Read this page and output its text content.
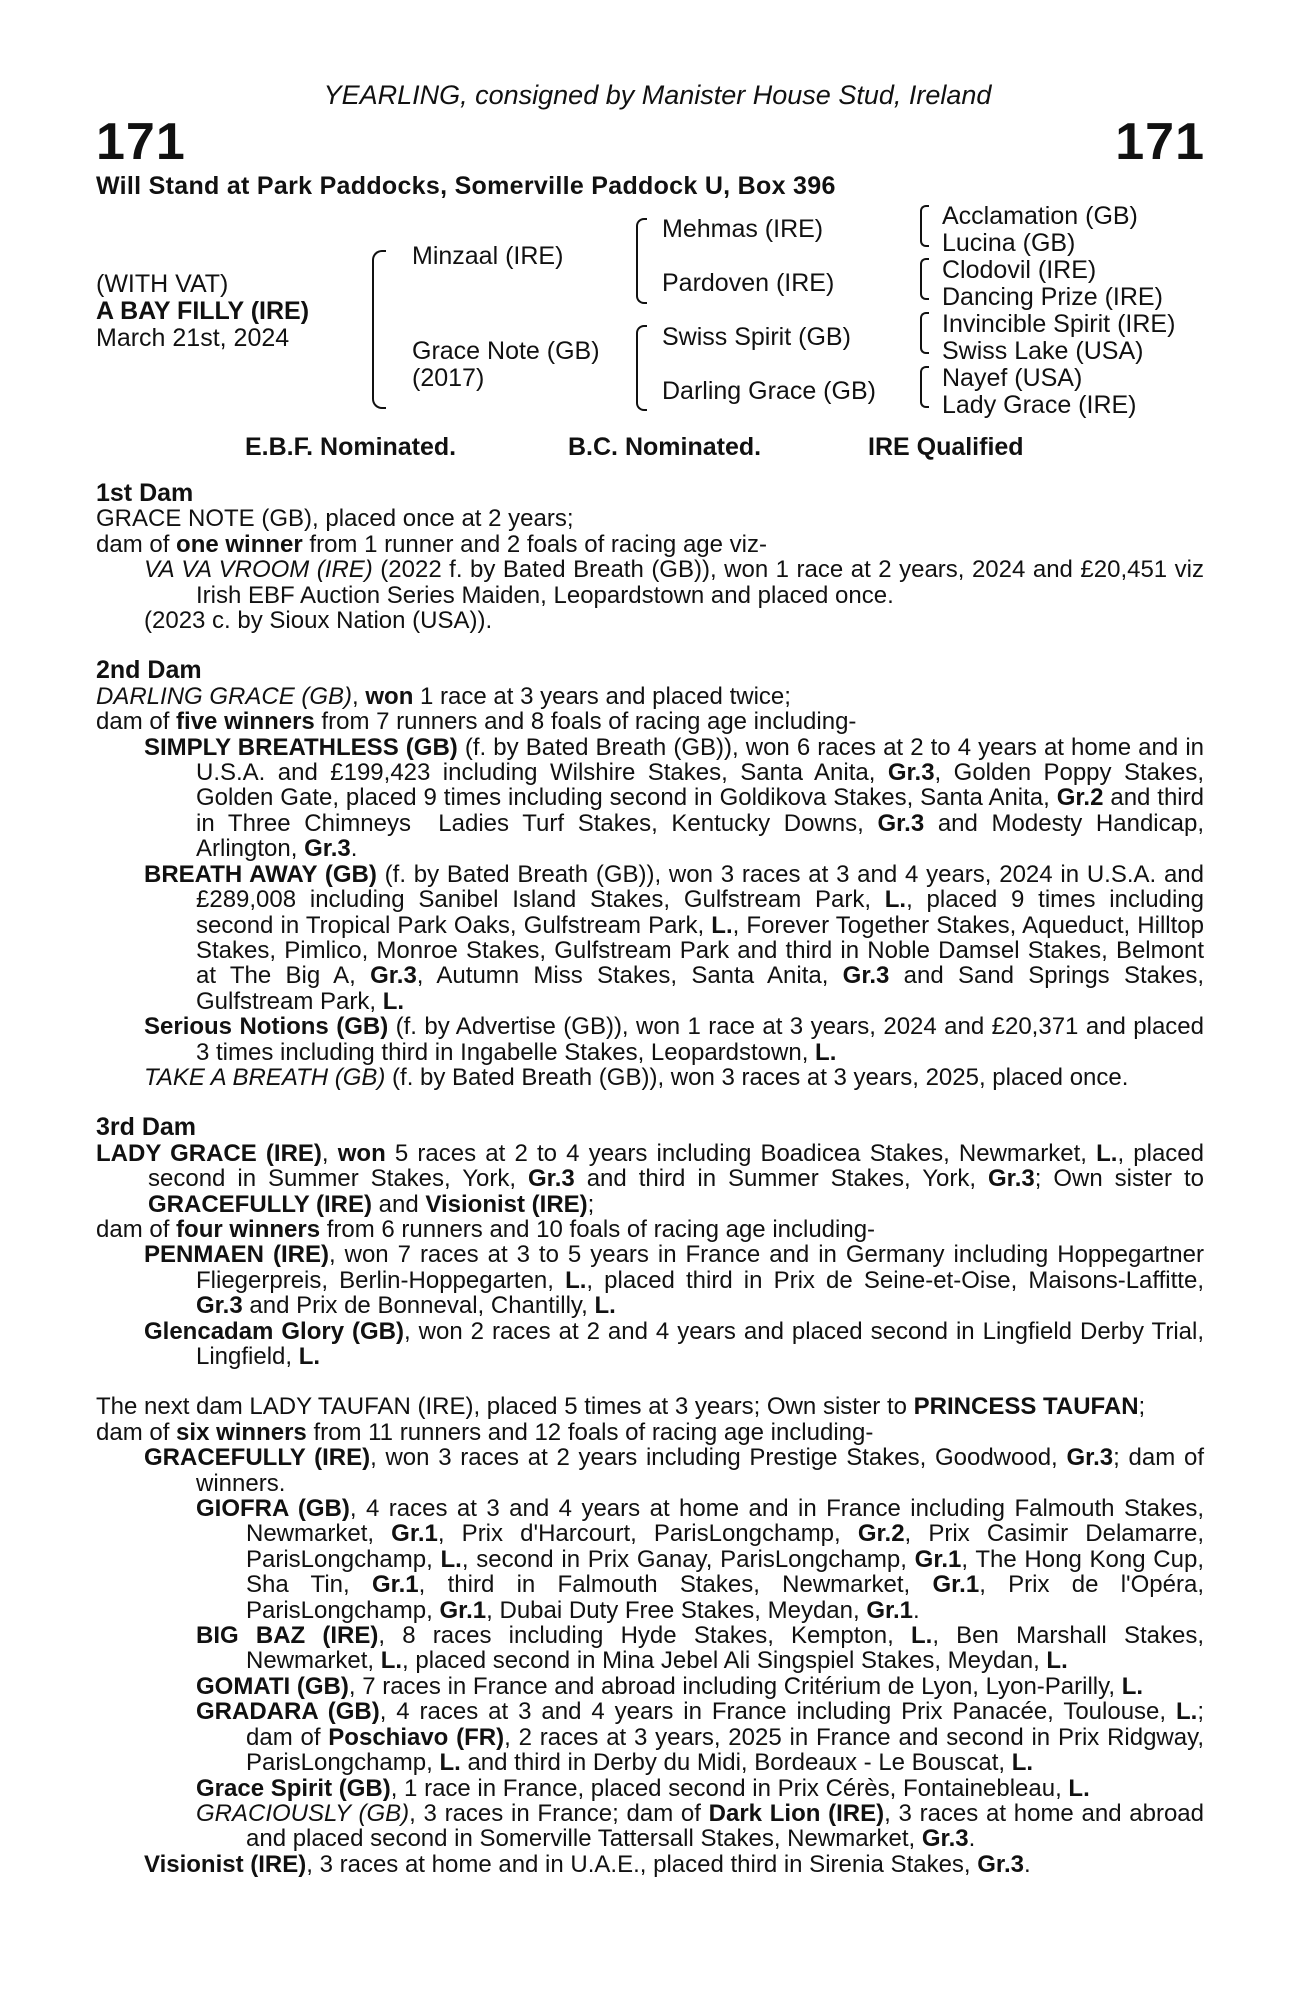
YEARLING, consigned by Manister House Stud, Ireland
171	171
Will Stand at Park Paddocks, Somerville Paddock U, Box 396
(WITH VAT)
A BAY FILLY (IRE)
March 21st, 2024
Minzaal (IRE)
Grace Note (GB)
(2017)
Mehmas (IRE)
Pardoven (IRE)
Swiss Spirit (GB)
Darling Grace (GB)
Acclamation (GB)
Lucina (GB)
Clodovil (IRE)
Dancing Prize (IRE)
Invincible Spirit (IRE)
Swiss Lake (USA)
Nayef (USA)
Lady Grace (IRE)
E.B.F. Nominated.	B.C. Nominated.	IRE Qualified

1st Dam

GRACE NOTE (GB), placed once at 2 years;

dam of one winner from 1 runner and 2 foals of racing age viz-

VA VA VROOM (IRE) (2022 f. by Bated Breath (GB)), won 1 race at 2 years, 2024 and £20,451 viz Irish EBF Auction Series Maiden, Leopardstown and placed once.

(2023 c. by Sioux Nation (USA)).

2nd Dam

DARLING GRACE (GB), won 1 race at 3 years and placed twice;

dam of five winners from 7 runners and 8 foals of racing age including-

SIMPLY BREATHLESS (GB) (f. by Bated Breath (GB)), won 6 races at 2 to 4 years at home and in U.S.A. and £199,423 including Wilshire Stakes, Santa Anita, Gr.3, Golden Poppy Stakes, Golden Gate, placed 9 times including second in Goldikova Stakes, Santa Anita, Gr.2 and third in Three Chimneys  Ladies Turf Stakes, Kentucky Downs, Gr.3 and Modesty Handicap, Arlington, Gr.3.

BREATH AWAY (GB) (f. by Bated Breath (GB)), won 3 races at 3 and 4 years, 2024 in U.S.A. and £289,008 including Sanibel Island Stakes, Gulfstream Park, L., placed 9 times including second in Tropical Park Oaks, Gulfstream Park, L., Forever Together Stakes, Aqueduct, Hilltop Stakes, Pimlico, Monroe Stakes, Gulfstream Park and third in Noble Damsel Stakes, Belmont at The Big A, Gr.3, Autumn Miss Stakes, Santa Anita, Gr.3 and Sand Springs Stakes, Gulfstream Park, L.

Serious Notions (GB) (f. by Advertise (GB)), won 1 race at 3 years, 2024 and £20,371 and placed 3 times including third in Ingabelle Stakes, Leopardstown, L.

TAKE A BREATH (GB) (f. by Bated Breath (GB)), won 3 races at 3 years, 2025, placed once.

3rd Dam

LADY GRACE (IRE), won 5 races at 2 to 4 years including Boadicea Stakes, Newmarket, L., placed second in Summer Stakes, York, Gr.3 and third in Summer Stakes, York, Gr.3; Own sister to GRACEFULLY (IRE) and Visionist (IRE);

dam of four winners from 6 runners and 10 foals of racing age including-

PENMAEN (IRE), won 7 races at 3 to 5 years in France and in Germany including Hoppegartner Fliegerpreis, Berlin-Hoppegarten, L., placed third in Prix de Seine-et-Oise, Maisons-Laffitte, Gr.3 and Prix de Bonneval, Chantilly, L.

Glencadam Glory (GB), won 2 races at 2 and 4 years and placed second in Lingfield Derby Trial, Lingfield, L.

The next dam LADY TAUFAN (IRE), placed 5 times at 3 years; Own sister to PRINCESS TAUFAN;

dam of six winners from 11 runners and 12 foals of racing age including-

GRACEFULLY (IRE), won 3 races at 2 years including Prestige Stakes, Goodwood, Gr.3; dam of winners.

GIOFRA (GB), 4 races at 3 and 4 years at home and in France including Falmouth Stakes, Newmarket, Gr.1, Prix d'Harcourt, ParisLongchamp, Gr.2, Prix Casimir Delamarre, ParisLongchamp, L., second in Prix Ganay, ParisLongchamp, Gr.1, The Hong Kong Cup, Sha Tin, Gr.1, third in Falmouth Stakes, Newmarket, Gr.1, Prix de l'Opéra, ParisLongchamp, Gr.1, Dubai Duty Free Stakes, Meydan, Gr.1.

BIG BAZ (IRE), 8 races including Hyde Stakes, Kempton, L., Ben Marshall Stakes, Newmarket, L., placed second in Mina Jebel Ali Singspiel Stakes, Meydan, L.

GOMATI (GB), 7 races in France and abroad including Critérium de Lyon, Lyon-Parilly, L.

GRADARA (GB), 4 races at 3 and 4 years in France including Prix Panacée, Toulouse, L.; dam of Poschiavo (FR), 2 races at 3 years, 2025 in France and second in Prix Ridgway, ParisLongchamp, L. and third in Derby du Midi, Bordeaux - Le Bouscat, L.

Grace Spirit (GB), 1 race in France, placed second in Prix Cérès, Fontainebleau, L.

GRACIOUSLY (GB), 3 races in France; dam of Dark Lion (IRE), 3 races at home and abroad and placed second in Somerville Tattersall Stakes, Newmarket, Gr.3.

Visionist (IRE), 3 races at home and in U.A.E., placed third in Sirenia Stakes, Gr.3.
